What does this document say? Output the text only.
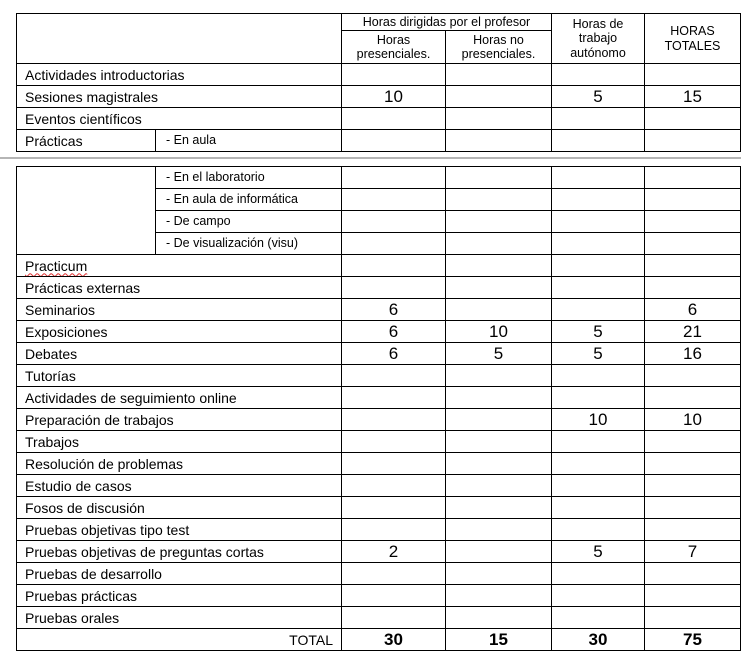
		Horas dirigidas por el profesor		Horas de trabajo autónomo	HORAS TOTALES
		Horas presenciales.	Horas no presenciales.		
Actividades introductorias					
Sesiones magistrales		10		5	15
Eventos científicos					
Prácticas	- En aula				
	- En el laboratorio				
	- En aula de informática				
	- De campo				
	- De visualización (visu)				
Practicum					
Prácticas externas					
Seminarios		6			6
Exposiciones		6	10	5	21
Debates		6	5	5	16
Tutorías					
Actividades de seguimiento online					
Preparación de trabajos				10	10
Trabajos					
Resolución de problemas					
Estudio de casos					
Fosos de discusión					
Pruebas objetivas tipo test					
Pruebas objetivas de preguntas cortas		2		5	7
Pruebas de desarrollo					
Pruebas prácticas					
Pruebas orales					
TOTAL		30	15	30	75
